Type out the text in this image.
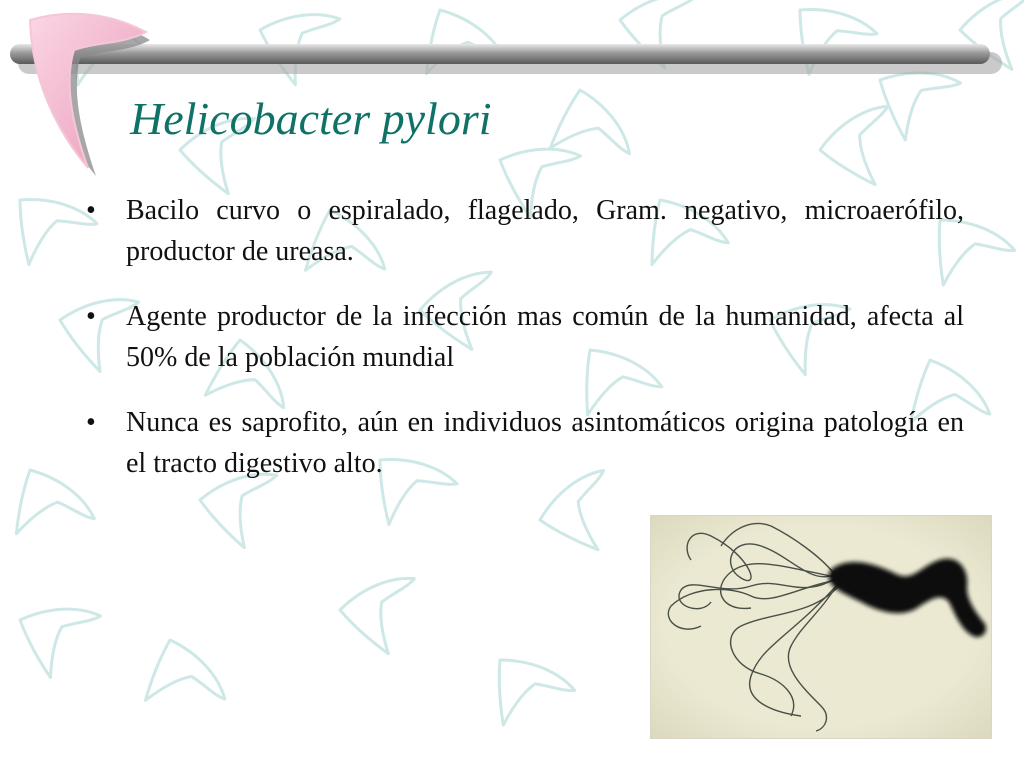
Helicobacter pylori
• Bacilo curvo o espiralado, flagelado, Gram. negativo, microaerófilo, productor de ureasa.
• Agente productor de la infección mas común de la humanidad, afecta al 50% de la población mundial
• Nunca es saprofito, aún en individuos asintomáticos origina patología en el tracto digestivo alto.
